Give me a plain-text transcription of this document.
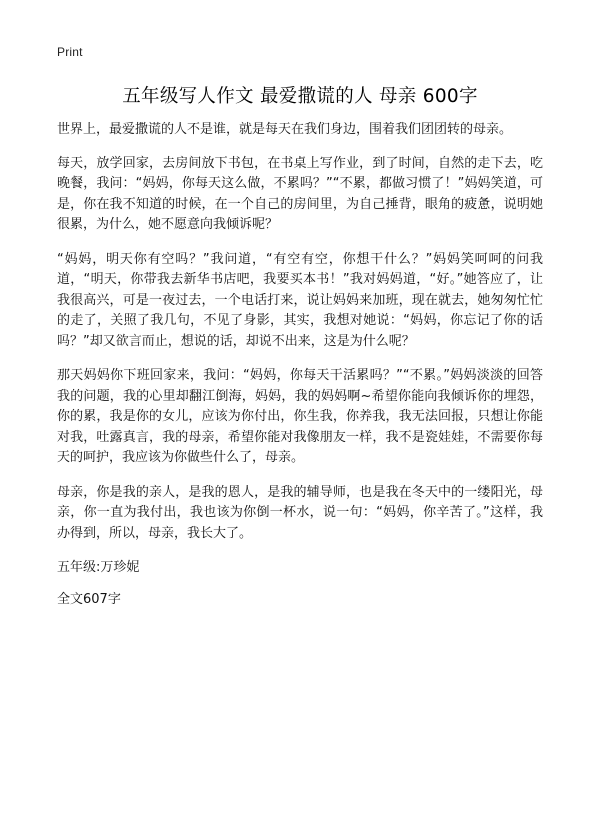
Print
五年级写人作文 最爱撒谎的人 母亲 600字

世界上，最爱撒谎的人不是谁，就是每天在我们身边，围着我们团团转的母亲。

每天，放学回家，去房间放下书包，在书桌上写作业，到了时间，自然的走下去，吃晚餐，我问：“妈妈，你每天这么做，不累吗？”“不累，都做习惯了！”妈妈笑道，可是，你在我不知道的时候，在一个自己的房间里，为自己捶背，眼角的疲惫，说明她很累，为什么，她不愿意向我倾诉呢？

“妈妈，明天你有空吗？”我问道，“有空有空，你想干什么？”妈妈笑呵呵的问我道，“明天，你带我去新华书店吧，我要买本书！”我对妈妈道，“好。”她答应了，让我很高兴，可是一夜过去，一个电话打来，说让妈妈来加班，现在就去，她匆匆忙忙的走了，关照了我几句，不见了身影，其实，我想对她说：“妈妈，你忘记了你的话吗？”却又欲言而止，想说的话，却说不出来，这是为什么呢？

那天妈妈你下班回家来，我问：“妈妈，你每天干活累吗？”“不累。”妈妈淡淡的回答我的问题，我的心里却翻江倒海，妈妈，我的妈妈啊~希望你能向我倾诉你的埋怨，你的累，我是你的女儿，应该为你付出，你生我，你养我，我无法回报，只想让你能对我，吐露真言，我的母亲，希望你能对我像朋友一样，我不是瓷娃娃，不需要你每天的呵护，我应该为你做些什么了，母亲。

母亲，你是我的亲人，是我的恩人，是我的辅导师，也是我在冬天中的一缕阳光，母亲，你一直为我付出，我也该为你倒一杯水，说一句：“妈妈，你辛苦了。”这样，我办得到，所以，母亲，我长大了。

五年级:万珍妮
全文607字
